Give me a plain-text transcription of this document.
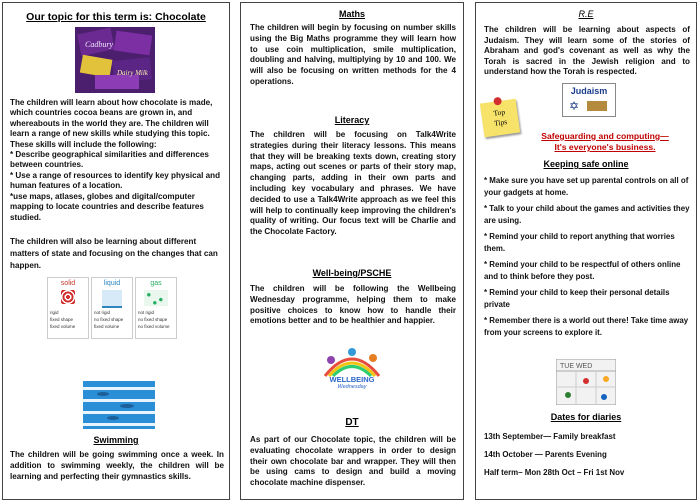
Our topic for this term is: Chocolate
Cadbury
Dairy Milk
The children will learn about how chocolate is made, which countries cocoa beans are grown in, and whereabouts in the world they are. The children will learn a range of new skills while studying this topic. These skills will include the following:
* Describe geographical similarities and differences between countries.
* Use a range of resources to identify key physical and human features of a location.
*use maps, atlases, globes and digital/computer mapping to locate countries and describe features studied.
The children will also be learning about different matters of state and focusing on the changes that can happen.
solid
rigid
fixed shape
fixed volume
liquid
not rigid
no fixed shape
fixed volume
gas
not rigid
no fixed shape
no fixed volume
Swimming
The children will be going swimming once a week. In addition to swimming weekly, the children will be learning and perfecting their gymnastics skills.
Maths
The children will begin by focusing on number skills using the Big Maths programme they will learn how to use coin multiplication, smile multiplication, doubling and halving, multiplying by 10 and 100. We will also be focusing on written methods for the 4 operations.
Literacy
The children will be focusing on Talk4Write strategies during their literacy lessons. This means that they will be breaking texts down, creating story maps, acting out scenes or parts of their story map, changing parts, adding in their own parts and including key vocabulary and phrases. We have decided to use a Talk4Write approach as we feel this will help to continually keep improving the children's quality of writing. Our focus text will be Charlie and the Chocolate Factory.
Well-being/PSCHE
The children will be following the Wellbeing Wednesday programme, helping them to make positive choices to know how to handle their emotions better and to be healthier and happier.
WELLBEING
Wednesday
DT
As part of our Chocolate topic, the children will be evaluating chocolate wrappers in order to design their own chocolate bar and wrapper. They will then be using cams to design and build a moving chocolate machine dispenser.
R.E
The children will be learning about aspects of Judaism. They will learn some of the stories of Abraham and god's covenant as well as why the Torah is sacred in the Jewish religion and to understand how the Torah is respected.
Judaism
✡
Top
Tips
Safeguarding and computing—
It's everyone's business.
Keeping safe online
* Make sure you have set up parental controls on all of your gadgets at home.
* Talk to your child about the games and activities they are using.
* Remind your child to report anything that worries them.
* Remind your child to be respectful of others online and to think before they post.
* Remind your child to keep their personal details private
* Remember there is a world out there! Take time away from your screens to explore it.
TUE WED
Dates for diaries
13th September— Family breakfast
14th October — Parents Evening
Half term– Mon 28th Oct – Fri 1st Nov
